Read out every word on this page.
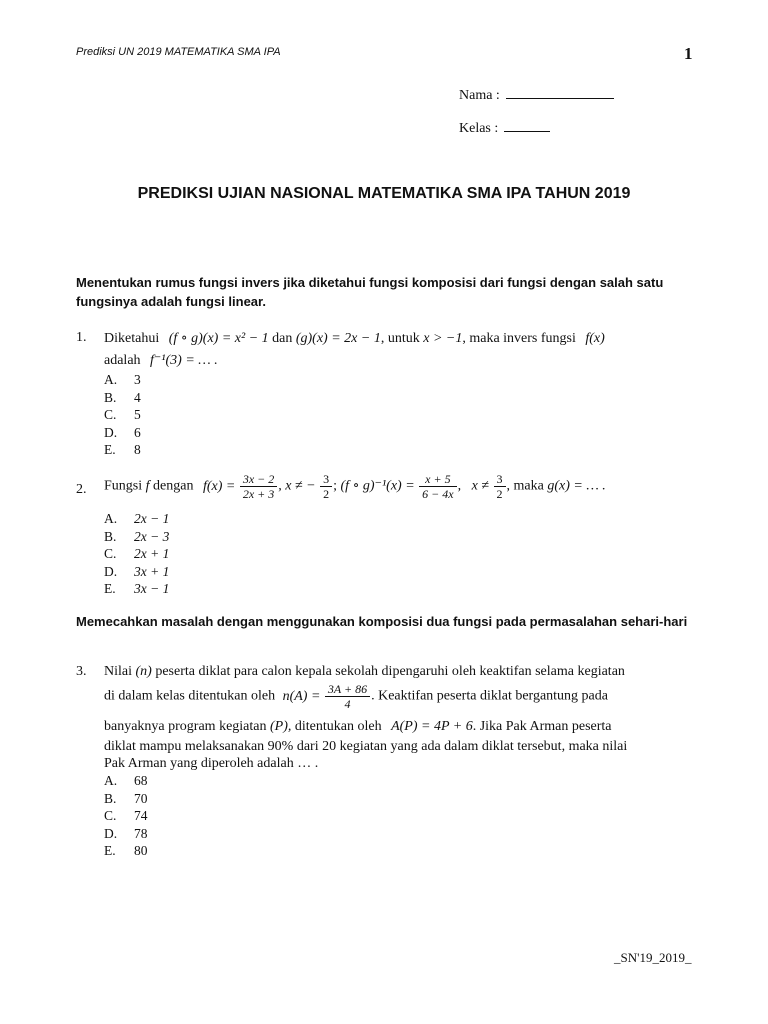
Prediksi UN 2019 MATEMATIKA SMA IPA	1
Nama :
Kelas :
PREDIKSI UJIAN NASIONAL MATEMATIKA SMA IPA TAHUN 2019
Menentukan rumus fungsi invers jika diketahui fungsi komposisi dari fungsi dengan salah satu fungsinya adalah fungsi linear.
1. Diketahui (f ∘ g)(x) = x² − 1 dan (g)(x) = 2x − 1, untuk x > −1, maka invers fungsi f(x)
adalah f⁻¹(3) = … .
A. 3
B. 4
C. 5
D. 6
E. 8
2. Fungsi f dengan $f(x) = \frac{3x - 2}{2x + 3}$ , x ≠ − $\frac{3}{2}$ ; (f ∘ $g)^{-1}(x) = \frac{x + 5}{6 - 4x}$ ,   $x \ne \frac{3}{2}$ , maka g(x) = … .
A. 2x − 1
B. 2x − 3
C. 2x + 1
D. 3x + 1
E. 3x − 1
Memecahkan masalah dengan menggunakan komposisi dua fungsi pada permasalahan sehari-hari
3. Nilai (n) peserta diklat para calon kepala sekolah dipengaruhi oleh keaktifan selama kegiatan
di dalam kelas ditentukan oleh $n(A) = \frac{3A + 86}{4}$ . Keaktifan peserta diklat bergantung pada
banyaknya program kegiatan (P), ditentukan oleh A(P) = 4P + 6. Jika Pak Arman peserta
diklat mampu melaksanakan 90% dari 20 kegiatan yang ada dalam diklat tersebut, maka nilai
Pak Arman yang diperoleh adalah … .
A. 68
B. 70
C. 74
D. 78
E. 80
_SN'19_2019_
